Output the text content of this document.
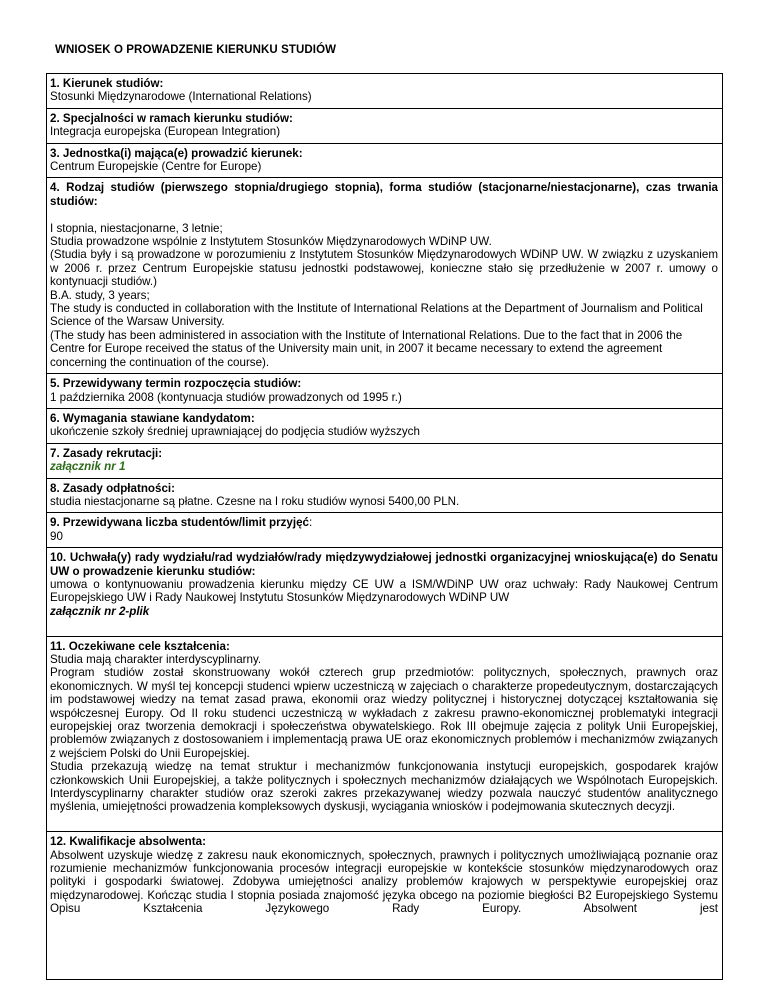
WNIOSEK O PROWADZENIE KIERUNKU STUDIÓW
1. Kierunek studiów:
Stosunki Międzynarodowe (International Relations)
2. Specjalności w ramach kierunku studiów:
Integracja europejska (European Integration)
3. Jednostka(i) mająca(e) prowadzić kierunek:
Centrum Europejskie (Centre for Europe)
4. Rodzaj studiów (pierwszego stopnia/drugiego stopnia), forma studiów (stacjonarne/niestacjonarne), czas trwania studiów:
I stopnia, niestacjonarne, 3 letnie;
Studia prowadzone wspólnie z Instytutem Stosunków Międzynarodowych WDiNP UW.
(Studia były i są prowadzone w porozumieniu z Instytutem Stosunków Międzynarodowych WDiNP UW. W związku z uzyskaniem w 2006 r. przez Centrum Europejskie statusu jednostki podstawowej, konieczne stało się przedłużenie w 2007 r. umowy o kontynuacji studiów.)
B.A. study, 3 years;
The study is conducted in collaboration with the Institute of International Relations at the Department of Journalism and Political Science of the Warsaw University.
(The study has been administered in association with the Institute of International Relations. Due to the fact that in 2006 the Centre for Europe received the status of the University main unit, in 2007 it became necessary to extend the agreement concerning the continuation of the course).
5. Przewidywany termin rozpoczęcia studiów:
1 października 2008 (kontynuacja studiów prowadzonych od 1995 r.)
6. Wymagania stawiane kandydatom:
ukończenie szkoły średniej uprawniającej do podjęcia studiów wyższych
7. Zasady rekrutacji:
załącznik nr 1
8. Zasady odpłatności:
studia niestacjonarne są płatne. Czesne na I roku studiów wynosi 5400,00 PLN.
9. Przewidywana liczba studentów/limit przyjęć:
90
10. Uchwała(y) rady wydziału/rad wydziałów/rady międzywydziałowej jednostki organizacyjnej wnioskująca(e) do Senatu UW o prowadzenie kierunku studiów:
umowa o kontynuowaniu prowadzenia kierunku między CE UW a ISM/WDiNP UW oraz uchwały: Rady Naukowej Centrum Europejskiego UW i Rady Naukowej Instytutu Stosunków Międzynarodowych WDiNP UW
załącznik nr 2-plik
11. Oczekiwane cele kształcenia:
Studia mają charakter interdyscyplinarny.
Program studiów został skonstruowany wokół czterech grup przedmiotów: politycznych, społecznych, prawnych oraz ekonomicznych. W myśl tej koncepcji studenci wpierw uczestniczą w zajęciach o charakterze propedeutycznym, dostarczających im podstawowej wiedzy na temat zasad prawa, ekonomii oraz wiedzy politycznej i historycznej dotyczącej kształtowania się współczesnej Europy. Od II roku studenci uczestniczą w wykładach z zakresu prawno-ekonomicznej problematyki integracji europejskiej oraz tworzenia demokracji i społeczeństwa obywatelskiego. Rok III obejmuje zajęcia z polityk Unii Europejskiej, problemów związanych z dostosowaniem i implementacją prawa UE oraz ekonomicznych problemów i mechanizmów związanych z wejściem Polski do Unii Europejskiej.
Studia przekazują wiedzę na temat struktur i mechanizmów funkcjonowania instytucji europejskich, gospodarek krajów członkowskich Unii Europejskiej, a także politycznych i społecznych mechanizmów działających we Wspólnotach Europejskich. Interdyscyplinarny charakter studiów oraz szeroki zakres przekazywanej wiedzy pozwala nauczyć studentów analitycznego myślenia, umiejętności prowadzenia kompleksowych dyskusji, wyciągania wniosków i podejmowania skutecznych decyzji.
12. Kwalifikacje absolwenta:
Absolwent uzyskuje wiedzę z zakresu nauk ekonomicznych, społecznych, prawnych i politycznych umożliwiającą poznanie oraz rozumienie mechanizmów funkcjonowania procesów integracji europejskie w kontekście stosunków międzynarodowych oraz polityki i gospodarki światowej. Zdobywa umiejętności analizy problemów krajowych w perspektywie europejskiej oraz międzynarodowej. Kończąc studia I stopnia posiada znajomość języka obcego na poziomie biegłości B2 Europejskiego Systemu Opisu Kształcenia Językowego Rady Europy. Absolwent jest
